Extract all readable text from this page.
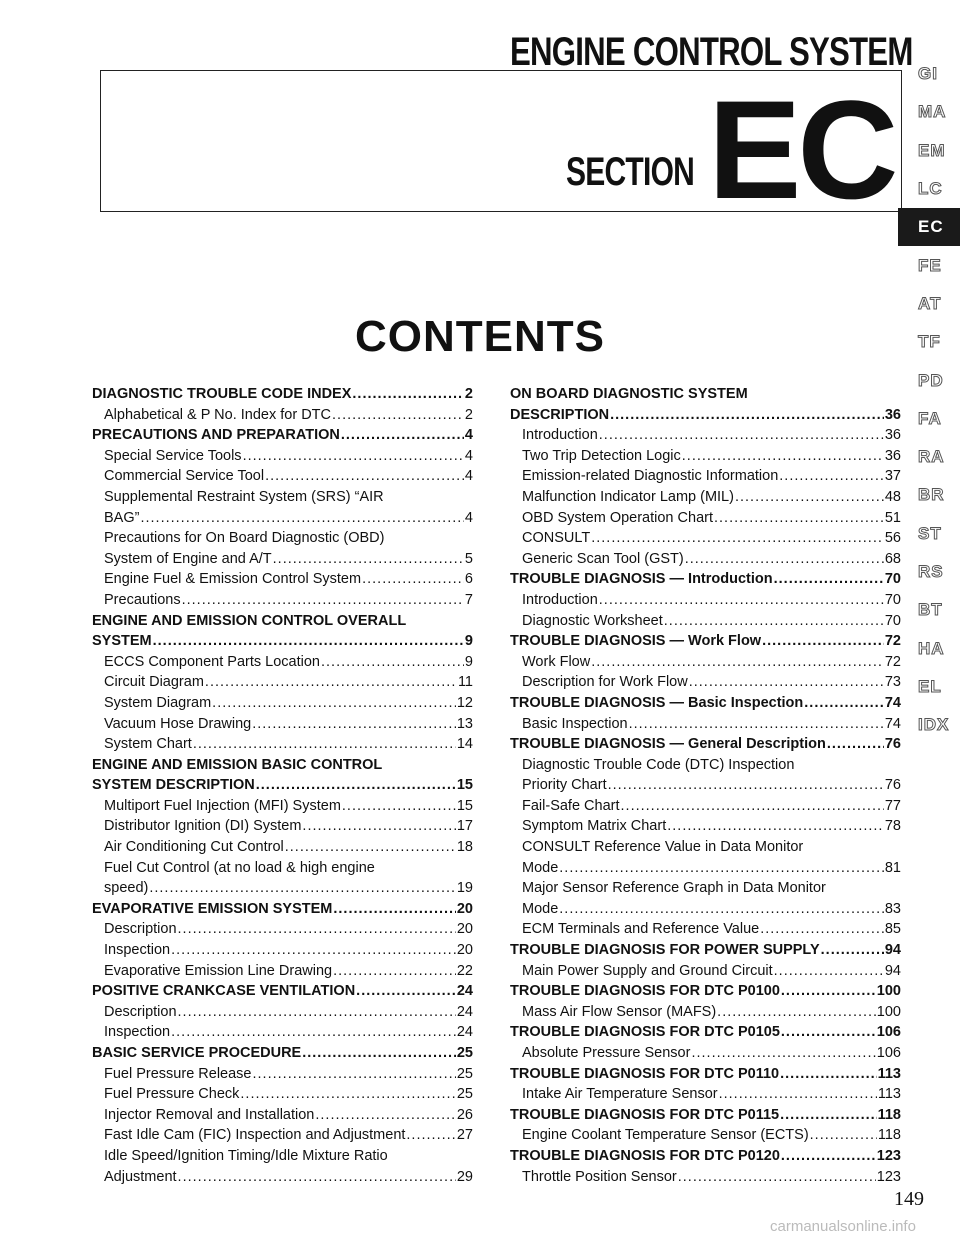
ENGINE CONTROL SYSTEM
SECTION EC
CONTENTS
GI
MA
EM
LC
EC
FE
AT
TF
PD
FA
RA
BR
ST
RS
BT
HA
EL
IDX
DIAGNOSTIC TROUBLE CODE INDEX .....	2
Alphabetical & P No. Index for DTC .....	2
PRECAUTIONS AND PREPARATION .....	4
Special Service Tools .....	4
Commercial Service Tool .....	4
Supplemental Restraint System (SRS) “AIR
BAG” .....	4
Precautions for On Board Diagnostic (OBD)
System of Engine and A/T .....	5
Engine Fuel & Emission Control System .....	6
Precautions .....	7
ENGINE AND EMISSION CONTROL OVERALL
SYSTEM .....	9
ECCS Component Parts Location .....	9
Circuit Diagram .....	11
System Diagram .....	12
Vacuum Hose Drawing .....	13
System Chart .....	14
ENGINE AND EMISSION BASIC CONTROL
SYSTEM DESCRIPTION .....	15
Multiport Fuel Injection (MFI) System .....	15
Distributor Ignition (DI) System .....	17
Air Conditioning Cut Control .....	18
Fuel Cut Control (at no load & high engine
speed) .....	19
EVAPORATIVE EMISSION SYSTEM .....	20
Description .....	20
Inspection .....	20
Evaporative Emission Line Drawing .....	22
POSITIVE CRANKCASE VENTILATION .....	24
Description .....	24
Inspection .....	24
BASIC SERVICE PROCEDURE .....	25
Fuel Pressure Release .....	25
Fuel Pressure Check .....	25
Injector Removal and Installation .....	26
Fast Idle Cam (FIC) Inspection and Adjustment .....	27
Idle Speed/Ignition Timing/Idle Mixture Ratio
Adjustment .....	29
ON BOARD DIAGNOSTIC SYSTEM
DESCRIPTION .....	36
Introduction .....	36
Two Trip Detection Logic .....	36
Emission-related Diagnostic Information .....	37
Malfunction Indicator Lamp (MIL) .....	48
OBD System Operation Chart .....	51
CONSULT .....	56
Generic Scan Tool (GST) .....	68
TROUBLE DIAGNOSIS — Introduction .....	70
Introduction .....	70
Diagnostic Worksheet .....	70
TROUBLE DIAGNOSIS — Work Flow .....	72
Work Flow .....	72
Description for Work Flow .....	73
TROUBLE DIAGNOSIS — Basic Inspection .....	74
Basic Inspection .....	74
TROUBLE DIAGNOSIS — General Description .....	76
Diagnostic Trouble Code (DTC) Inspection
Priority Chart .....	76
Fail-Safe Chart .....	77
Symptom Matrix Chart .....	78
CONSULT Reference Value in Data Monitor
Mode .....	81
Major Sensor Reference Graph in Data Monitor
Mode .....	83
ECM Terminals and Reference Value .....	85
TROUBLE DIAGNOSIS FOR POWER SUPPLY .....	94
Main Power Supply and Ground Circuit .....	94
TROUBLE DIAGNOSIS FOR DTC P0100 .....	100
Mass Air Flow Sensor (MAFS) .....	100
TROUBLE DIAGNOSIS FOR DTC P0105 .....	106
Absolute Pressure Sensor .....	106
TROUBLE DIAGNOSIS FOR DTC P0110 .....	113
Intake Air Temperature Sensor .....	113
TROUBLE DIAGNOSIS FOR DTC P0115 .....	118
Engine Coolant Temperature Sensor (ECTS) .....	118
TROUBLE DIAGNOSIS FOR DTC P0120 .....	123
Throttle Position Sensor .....	123
149
carmanualsonline.info
